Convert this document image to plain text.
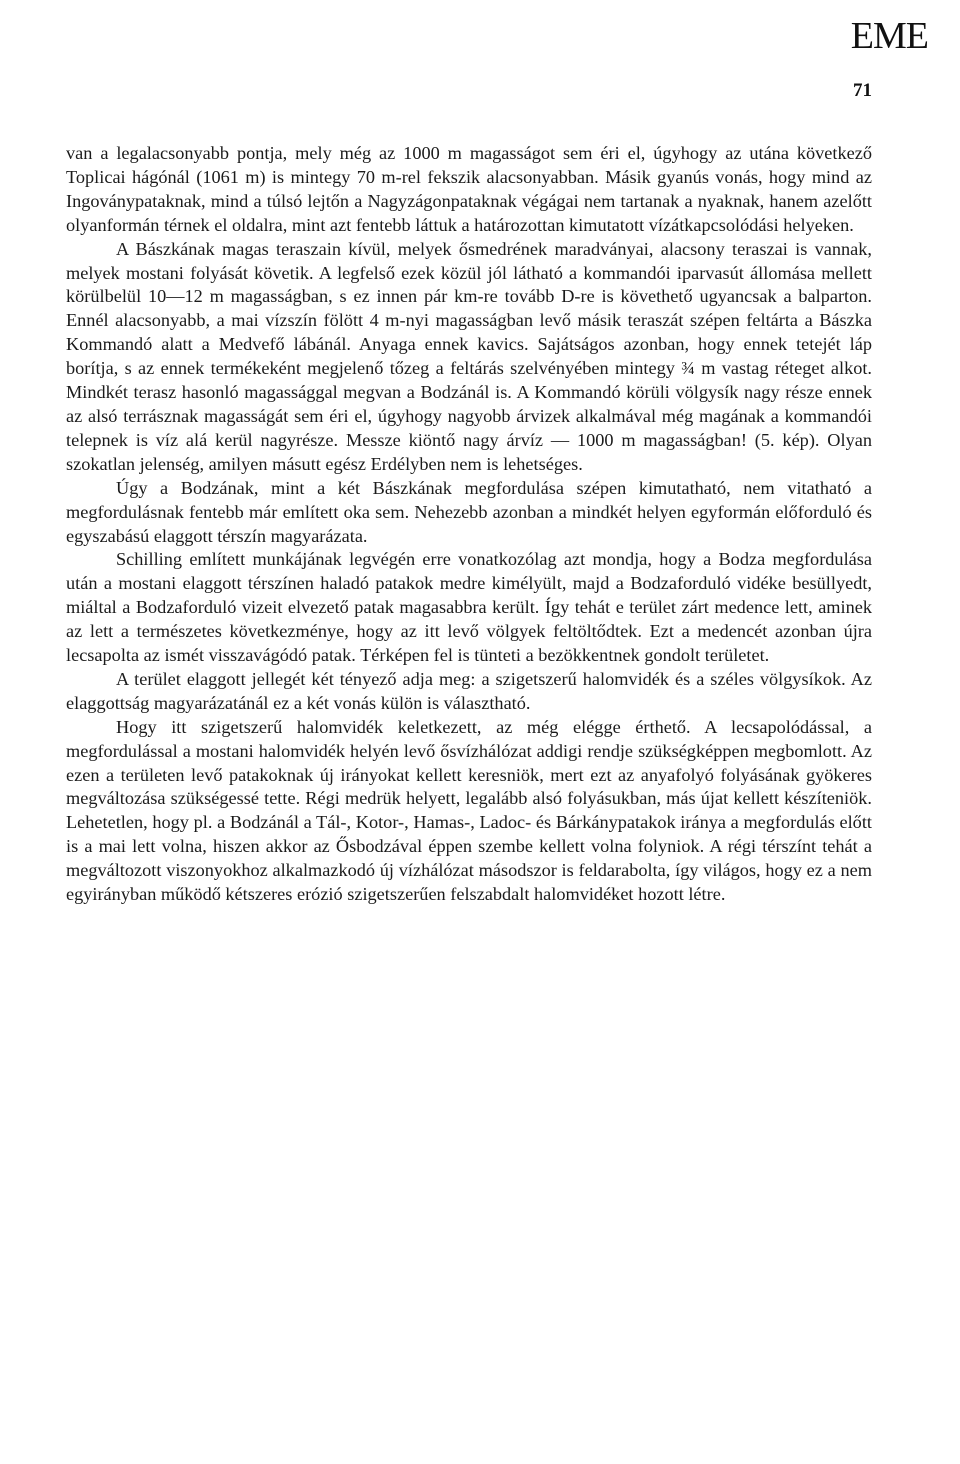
EME
71

van a legalacsonyabb pontja, mely még az 1000 m magasságot sem éri el, úgyhogy az utána következő Toplicai hágónál (1061 m) is mintegy 70 m-rel fekszik alacsonyabban. Másik gyanús vonás, hogy mind az Ingoványpataknak, mind a túlsó lejtőn a Nagyzágonpataknak végágai nem tartanak a nyaknak, hanem azelőtt olyanformán térnek el oldalra, mint azt fentebb láttuk a határozottan kimutatott vízátkapcsolódási helyeken.

A Bászkának magas teraszain kívül, melyek ősmedrének maradványai, alacsony teraszai is vannak, melyek mostani folyását követik. A legfelső ezek közül jól látható a kommandói iparvasút állomása mellett körülbelül 10—12 m magasságban, s ez innen pár km-re tovább D-re is követhető ugyancsak a balparton. Ennél alacsonyabb, a mai vízszín fölött 4 m-nyi magasságban levő másik teraszát szépen feltárta a Bászka Kommandó alatt a Medvefő lábánál. Anyaga ennek kavics. Sajátságos azonban, hogy ennek tetejét láp borítja, s az ennek termékeként megjelenő tőzeg a feltárás szelvényében mintegy ¾ m vastag réteget alkot. Mindkét terasz hasonló magassággal megvan a Bodzánál is. A Kommandó körüli völgysík nagy része ennek az alsó terrásznak magasságát sem éri el, úgyhogy nagyobb árvizek alkalmával még magának a kommandói telepnek is víz alá kerül nagyrésze. Messze kiöntő nagy árvíz — 1000 m magasságban! (5. kép). Olyan szokatlan jelenség, amilyen másutt egész Erdélyben nem is lehetséges.

Úgy a Bodzának, mint a két Bászkának megfordulása szépen kimutatható, nem vitatható a megfordulásnak fentebb már említett oka sem. Nehezebb azonban a mindkét helyen egyformán előforduló és egyszabású elaggott térszín magyarázata.

Schilling említett munkájának legvégén erre vonatkozólag azt mondja, hogy a Bodza megfordulása után a mostani elaggott térszínen haladó patakok medre kimélyült, majd a Bodzaforduló vidéke besüllyedt, miáltal a Bodzaforduló vizeit elvezető patak magasabbra került. Így tehát e terület zárt medence lett, aminek az lett a természetes következménye, hogy az itt levő völgyek feltöltődtek. Ezt a medencét azonban újra lecsapolta az ismét visszavágódó patak. Térképen fel is tünteti a bezökkentnek gondolt területet.

A terület elaggott jellegét két tényező adja meg: a szigetszerű halomvidék és a széles völgysíkok. Az elaggottság magyarázatánál ez a két vonás külön is választható.

Hogy itt szigetszerű halomvidék keletkezett, az még elégge érthető. A lecsapolódással, a megfordulással a mostani halomvidék helyén levő ősvízhálózat addigi rendje szükségképpen megbomlott. Az ezen a területen levő patakoknak új irányokat kellett keresniök, mert ezt az anyafolyó folyásának gyökeres megváltozása szükségessé tette. Régi medrük helyett, legalább alsó folyásukban, más újat kellett készíteniök. Lehetetlen, hogy pl. a Bodzánál a Tál-, Kotor-, Hamas-, Ladoc- és Bárkánypatakok iránya a megfordulás előtt is a mai lett volna, hiszen akkor az Ősbodzával éppen szembe kellett volna folyniok. A régi térszínt tehát a megváltozott viszonyokhoz alkalmazkodó új vízhálózat másodszor is feldarabolta, így világos, hogy ez a nem egyirányban működő kétszeres erózió szigetszerűen felszabdalt halomvidéket hozott létre.
